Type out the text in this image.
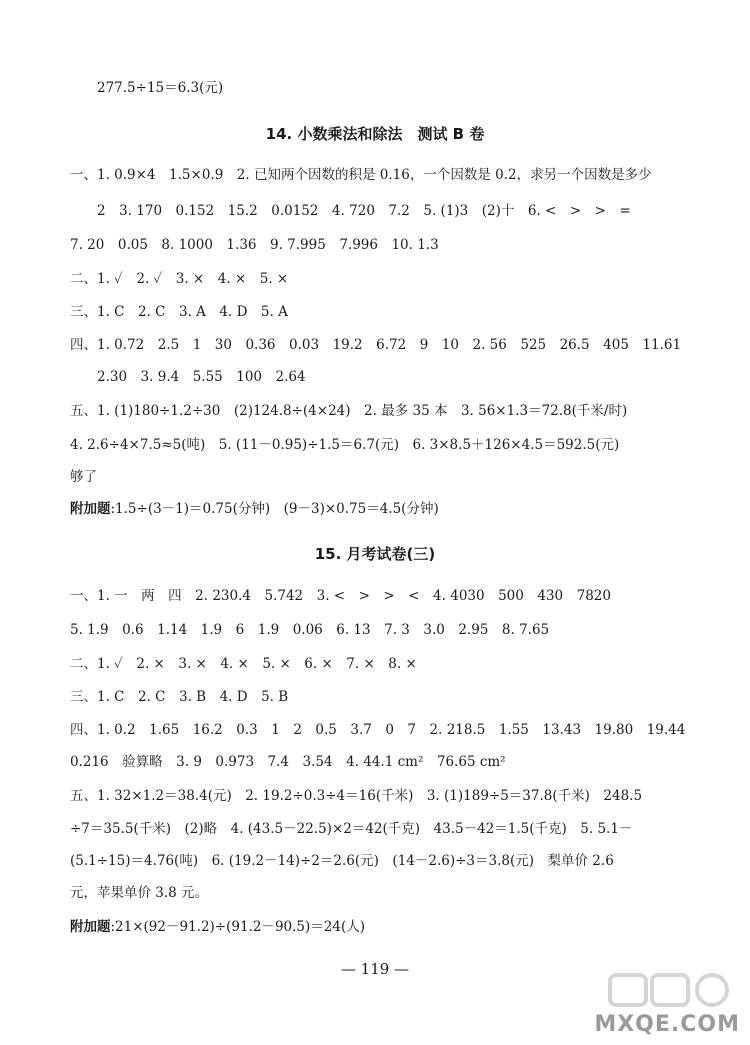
277.5÷15＝6.3(元)
14. 小数乘法和除法　测试 B 卷
一、1. 0.9×4　1.5×0.9　2. 已知两个因数的积是 0.16，一个因数是 0.2，求另一个因数是多少
2　3. 170　0.152　15.2　0.0152　4. 720　7.2　5. (1)3　(2)十　6. <　>　>　=
7. 20　0.05　8. 1000　1.36　9. 7.995　7.996　10. 1.3
二、1. ✓　2. ✓　3. ×　4. ×　5. ×
三、1. C　2. C　3. A　4. D　5. A
四、1. 0.72　2.5　1　30　0.36　0.03　19.2　6.72　9　10　2. 56　525　26.5　405　11.61
2.30　3. 9.4　5.55　100　2.64
五、1. (1)180÷1.2÷30　(2)124.8÷(4×24)　2. 最多 35 本　3. 56×1.3＝72.8(千米/时)
4. 2.6÷4×7.5≈5(吨)　5. (11－0.95)÷1.5＝6.7(元)　6. 3×8.5＋126×4.5＝592.5(元)
够了
附加题:1.5÷(3－1)＝0.75(分钟)　(9－3)×0.75＝4.5(分钟)
15. 月考试卷(三)
一、1. 一　两　四　2. 230.4　5.742　3. <　>　>　<　4. 4030　500　430　7820
5. 1.9　0.6　1.14　1.9　6　1.9　0.06　6. 13　7. 3　3.0　2.95　8. 7.65
二、1. ✓　2. ×　3. ×　4. ×　5. ×　6. ×　7. ×　8. ×
三、1. C　2. C　3. B　4. D　5. B
四、1. 0.2　1.65　16.2　0.3　1　2　0.5　3.7　0　7　2. 218.5　1.55　13.43　19.80　19.44
0.216　验算略　3. 9　0.973　7.4　3.54　4. 44.1 cm²　76.65 cm²
五、1. 32×1.2＝38.4(元)　2. 19.2÷0.3÷4＝16(千米)　3. (1)189÷5＝37.8(千米)　248.5
÷7＝35.5(千米)　(2)略　4. (43.5－22.5)×2＝42(千克)　43.5－42＝1.5(千克)　5. 5.1－
(5.1÷15)＝4.76(吨)　6. (19.2－14)÷2＝2.6(元)　(14－2.6)÷3＝3.8(元)　梨单价 2.6
元，苹果单价 3.8 元。
附加题:21×(92－91.2)÷(91.2－90.5)＝24(人)
— 119 —
MXQE.COM
